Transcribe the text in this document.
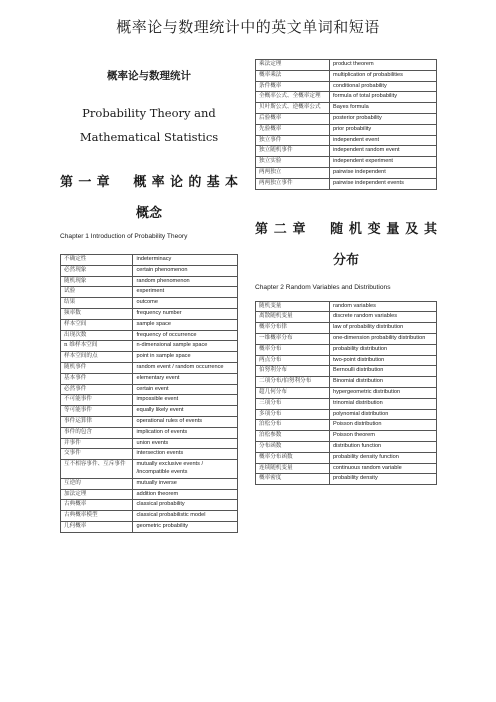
概率论与数理统计中的英文单词和短语

概率论与数理统计

Probability Theory and

Mathematical Statistics

第一章　概率论的基本
概念

Chapter 1 Introduction of Probability Theory

不确定性	indeterminacy
必然现象	certain phenomenon
随机现象	random phenomenon
试验	experiment
结果	outcome
频率数	frequency number
样本空间	sample space
出现次数	frequency of occurrence
n 维样本空间	n-dimensional sample space
样本空间的点	point in sample space
随机事件	random event / random occurrence
基本事件	elementary event
必然事件	certain event
不可能事件	impossible event
等可能事件	equally likely event
事件运算律	operational rules of events
事件的包含	implication of events
并事件	union events
交事件	intersection events
互不相容事件、互斥事件	mutually exclusive events / /incompatible events
互逆的	mutually inverse
加法定理	addition theorem
古典概率	classical probability
古典概率模型	classical probabilistic model
几何概率	geometric probability
乘法定理	product theorem
概率乘法	multiplication of probabilities
条件概率	conditional probability
全概率公式、全概率定理	formula of total probability
贝叶斯公式、逆概率公式	Bayes formula
后验概率	posterior probability
先验概率	prior probability
独立事件	independent event
独立随机事件	independent random event
独立实验	independent experiment
两两独立	pairwise independent
两两独立事件	pairwise independent events

第二章　随机变量及其
分布

Chapter 2 Random Variables and Distributions

随机变量	random variables
离散随机变量	discrete random variables
概率分布律	law of probability distribution
一维概率分布	one-dimension probability distribution
概率分布	probability distribution
两点分布	two-point distribution
伯努利分布	Bernoulli distribution
二项分布/伯努利分布	Binomial distribution
超几何分布	hypergeometric distribution
三项分布	trinomial distribution
多项分布	polynomial distribution
泊松分布	Poisson distribution
泊松参数	Poisson theorem
分布函数	distribution function
概率分布函数	probability density function
连续随机变量	continuous random variable
概率密度	probability density
